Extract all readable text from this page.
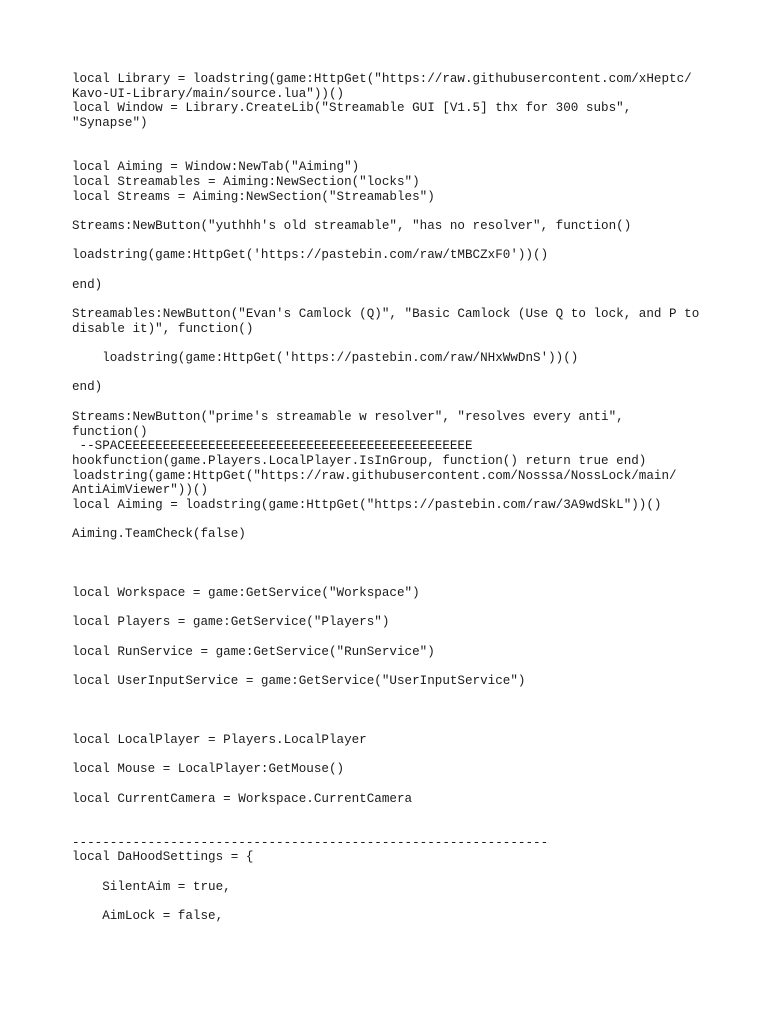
local Library = loadstring(game:HttpGet("https://raw.githubusercontent.com/xHeptc/
Kavo-UI-Library/main/source.lua"))()
local Window = Library.CreateLib("Streamable GUI [V1.5] thx for 300 subs",
"Synapse")
local Aiming = Window:NewTab("Aiming")
local Streamables = Aiming:NewSection("locks")
local Streams = Aiming:NewSection("Streamables")
Streams:NewButton("yuthhh's old streamable", "has no resolver", function()
loadstring(game:HttpGet('https://pastebin.com/raw/tMBCZxF0'))()
end)
Streamables:NewButton("Evan's Camlock (Q)", "Basic Camlock (Use Q to lock, and P to
disable it)", function()
loadstring(game:HttpGet('https://pastebin.com/raw/NHxWwDnS'))()
end)
Streams:NewButton("prime's streamable w resolver", "resolves every anti",
function()
--SPACEEEEEEEEEEEEEEEEEEEEEEEEEEEEEEEEEEEEEEEEEEEEEE
hookfunction(game.Players.LocalPlayer.IsInGroup, function() return true end)
loadstring(game:HttpGet("https://raw.githubusercontent.com/Nosssa/NossLock/main/
AntiAimViewer"))()
local Aiming = loadstring(game:HttpGet("https://pastebin.com/raw/3A9wdSkL"))()
Aiming.TeamCheck(false)
local Workspace = game:GetService("Workspace")
local Players = game:GetService("Players")
local RunService = game:GetService("RunService")
local UserInputService = game:GetService("UserInputService")
local LocalPlayer = Players.LocalPlayer
local Mouse = LocalPlayer:GetMouse()
local CurrentCamera = Workspace.CurrentCamera
---------------------------------------------------------------
local DaHoodSettings = {
SilentAim = true,
AimLock = false,
